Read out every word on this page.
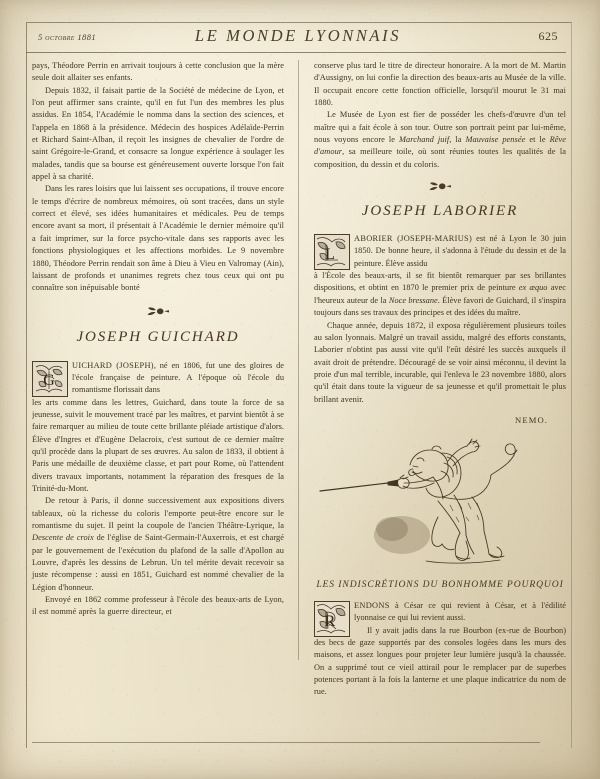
5 octobre 1881	LE MONDE LYONNAIS	625

pays, Théodore Perrin en arrivait toujours à cette conclusion que la mère seule doit allaiter ses enfants.

Depuis 1832, il faisait partie de la Société de médecine de Lyon, et l'on peut affirmer sans crainte, qu'il en fut l'un des membres les plus assidus. En 1854, l'Académie le nomma dans la section des sciences, et l'appela en 1868 à la présidence. Médecin des hospices Adélaïde-Perrin et Richard Saint-Alban, il reçoit les insignes de chevalier de l'ordre de saint Grégoire-le-Grand, et consacre sa longue expérience à soulager les malades, tandis que sa bourse est généreusement ouverte lorsque l'on fait appel à sa charité.

Dans les rares loisirs que lui laissent ses occupations, il trouve encore le temps d'écrire de nombreux mémoires, où sont tracées, dans un style correct et élevé, ses idées humanitaires et médicales. Peu de temps encore avant sa mort, il présentait à l'Académie le dernier mémoire qu'il a fait imprimer, sur la force psycho-vitale dans ses rapports avec les fonctions physiologiques et les affections morbides. Le 9 novembre 1880, Théodore Perrin rendait son âme à Dieu à Vieu en Valromay (Ain), laissant de profonds et unanimes regrets chez tous ceux qui ont pu connaître son inépuisable bonté

JOSEPH GUICHARD
G

UICHARD (JOSEPH), né en 1806, fut une des gloires de l'école française de peinture. A l'époque où l'école du romantisme florissait dans

les arts comme dans les lettres, Guichard, dans toute la force de sa jeunesse, suivit le mouvement tracé par les maîtres, et parvint bientôt à se faire remarquer au milieu de toute cette brillante pléiade artistique d'alors. Élève d'Ingres et d'Eugène Delacroix, c'est surtout de ce dernier maître qu'il procède dans la plupart de ses œuvres. Au salon de 1833, il obtient à Paris une médaille de deuxième classe, et part pour Rome, où l'attendent divers travaux importants, notamment la réparation des fresques de la Trinité-du-Mont.

De retour à Paris, il donne successivement aux expositions divers tableaux, où la richesse du coloris l'emporte peut-être encore sur le romantisme du sujet. Il peint la coupole de l'ancien Théâtre-Lyrique, la Descente de croix de l'église de Saint-Germain-l'Auxerrois, et est chargé par le gouvernement de l'exécution du plafond de la salle d'Apollon au Louvre, d'après les dessins de Lebrun. Un tel mérite devait recevoir sa juste récompense : aussi en 1851, Guichard est nommé chevalier de la Légion d'honneur.

Envoyé en 1862 comme professeur à l'école des beaux-arts de Lyon, il est nommé après la guerre directeur, et

conserve plus tard le titre de directeur honoraire. A la mort de M. Martin d'Aussigny, on lui confie la direction des beaux-arts au Musée de la ville. Il occupait encore cette fonction officielle, lorsqu'il mourut le 31 mai 1880.

Le Musée de Lyon est fier de posséder les chefs-d'œuvre d'un tel maître qui a fait école à son tour. Outre son portrait peint par lui-même, nous voyons encore le Marchand juif, la Mauvaise pensée et le Rêve d'amour, sa meilleure toile, où sont réunies toutes les qualités de la composition, du dessin et du coloris.

JOSEPH LABORIER
L

ABORIER (JOSEPH-MARIUS) est né à Lyon le 30 juin 1850. De bonne heure, il s'adonna à l'étude du dessin et de la peinture. Élève assidu

à l'École des beaux-arts, il se fit bientôt remarquer par ses brillantes dispositions, et obtint en 1870 le premier prix de peinture ex æquo avec l'heureux auteur de la Noce bressane. Élève favori de Guichard, il s'inspira toujours dans ses travaux des principes et des idées du maître.

Chaque année, depuis 1872, il exposa régulièrement plusieurs toiles au salon lyonnais. Malgré un travail assidu, malgré des efforts constants, Laborier n'obtint pas aussi vite qu'il l'eût désiré les succès auxquels il avait droit de prétendre. Découragé de se voir ainsi méconnu, il devint la proie d'un mal terrible, incurable, qui l'enleva le 23 novembre 1880, alors qu'il était dans toute la vigueur de sa jeunesse et qu'il promettait le plus brillant avenir.

NEMO.
LES INDISCRÉTIONS DU BONHOMME POURQUOI
R

ENDONS à César ce qui revient à César, et à l'édilité lyonnaise ce qui lui revient aussi.

Il y avait jadis dans la rue Bourbon (ex-rue de Bourbon) des becs de gaze supportés par des consoles logées dans les murs des maisons, et assez longues pour projeter leur lumière jusqu'à la chaussée. On a supprimé tout ce vieil attirail pour le remplacer par de superbes potences portant à la fois la lanterne et une plaque indicatrice du nom de rue.
